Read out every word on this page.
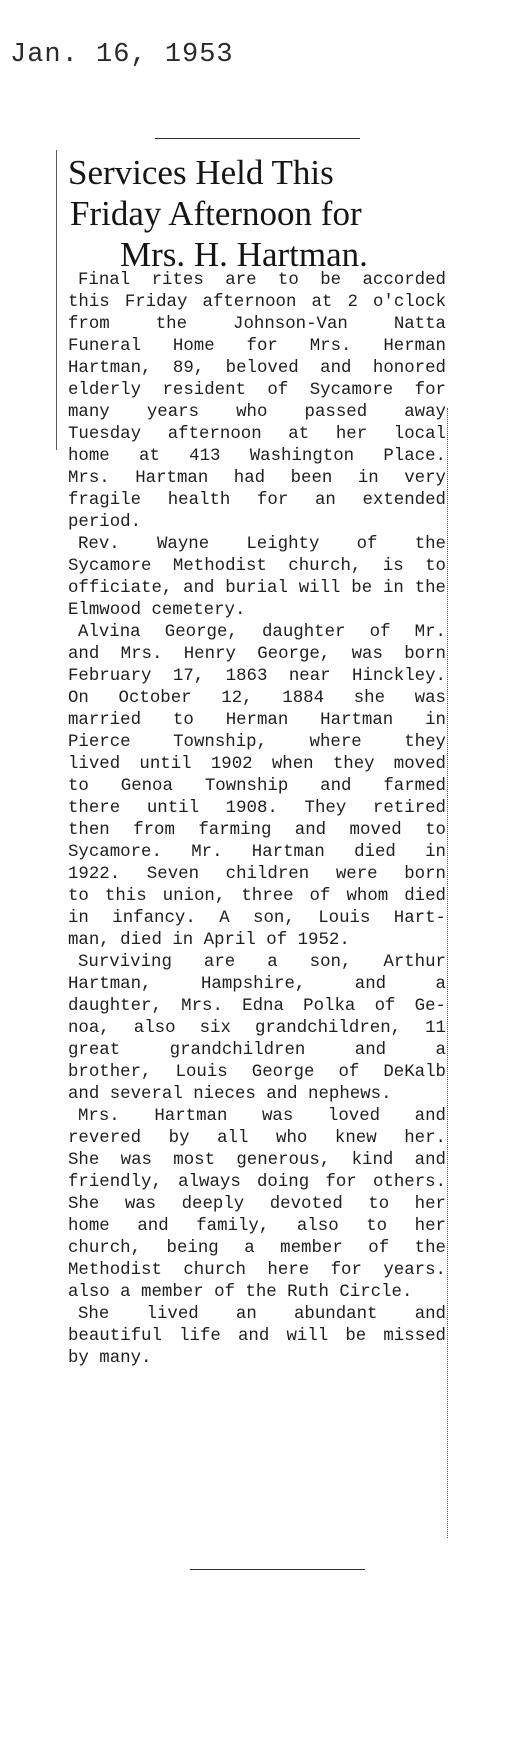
Jan. 16, 1953
Services Held This
Friday Afternoon for
Mrs. H. Hartman.

Final rites are to be accorded
this Friday afternoon at 2 o'clock
from the Johnson-Van Natta
Funeral Home for Mrs. Herman
Hartman, 89, beloved and honored
elderly resident of Sycamore for
many years who passed away
Tuesday afternoon at her local
home at 413 Washington Place.
Mrs. Hartman had been in very
fragile health for an extended
period.

Rev. Wayne Leighty of the
Sycamore Methodist church, is to
officiate, and burial will be in the
Elmwood cemetery.

Alvina George, daughter of Mr.
and Mrs. Henry George, was born
February 17, 1863 near Hinckley.
On October 12, 1884 she was
married to Herman Hartman in
Pierce Township, where they
lived until 1902 when they moved
to Genoa Township and farmed
there until 1908. They retired
then from farming and moved to
Sycamore. Mr. Hartman died in
1922. Seven children were born
to this union, three of whom died
in infancy. A son, Louis Hart-
man, died in April of 1952.

Surviving are a son, Arthur
Hartman, Hampshire, and a
daughter, Mrs. Edna Polka of Ge-
noa, also six grandchildren, 11
great grandchildren and a
brother, Louis George of DeKalb
and several nieces and nephews.

Mrs. Hartman was loved and
revered by all who knew her.
She was most generous, kind and
friendly, always doing for others.
She was deeply devoted to her
home and family, also to her
church, being a member of the
Methodist church here for years.
also a member of the Ruth Circle.

She lived an abundant and
beautiful life and will be missed
by many.
